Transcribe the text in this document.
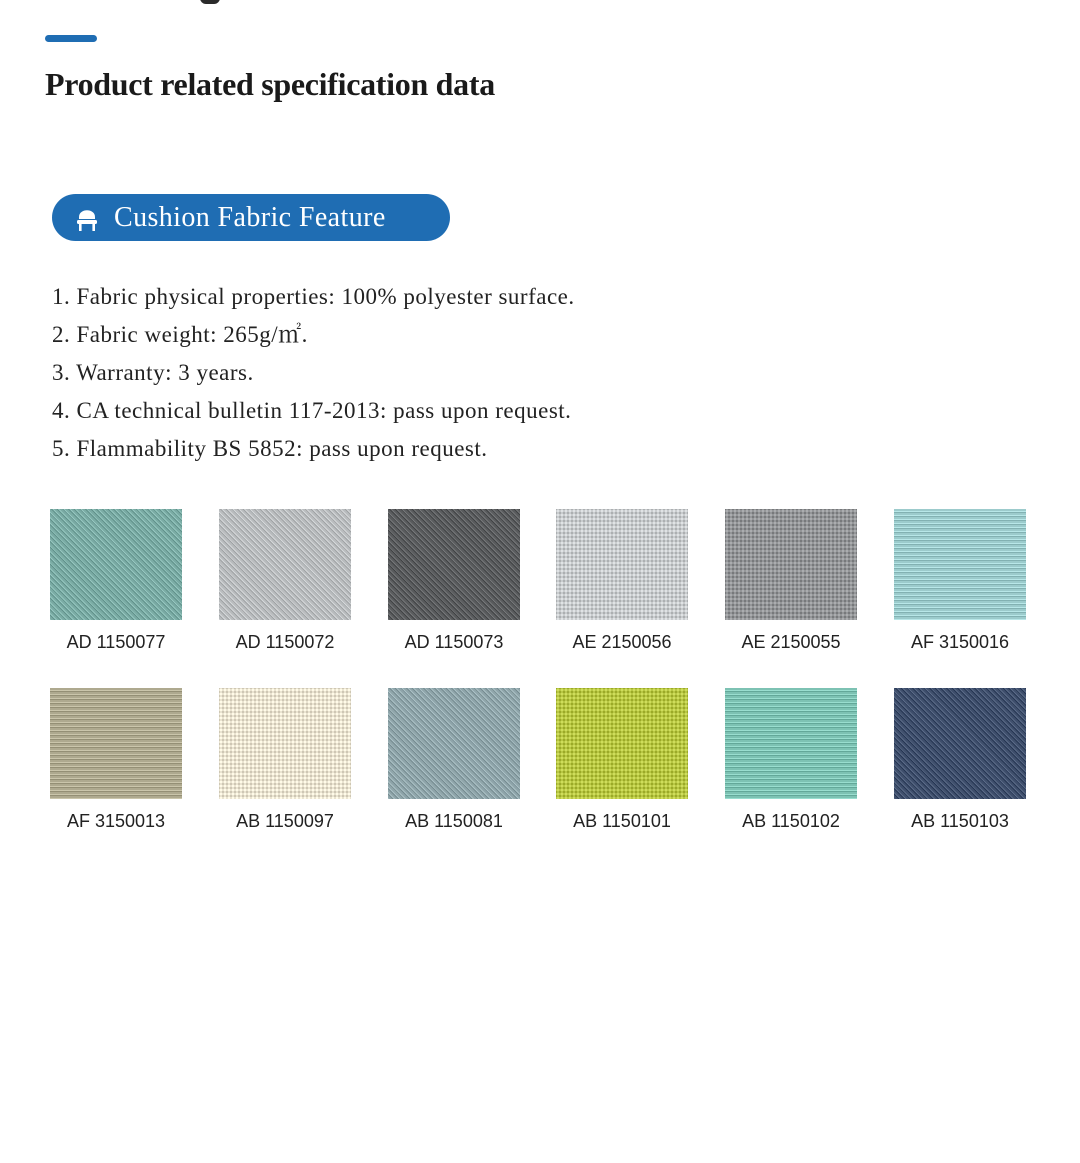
Product related specification data
Cushion Fabric Feature
1. Fabric physical properties: 100% polyester surface.
2. Fabric weight: 265g/㎡.
3. Warranty: 3 years.
4. CA technical bulletin 117-2013: pass upon request.
5. Flammability BS 5852: pass upon request.
AD 1150077	AD 1150072	AD 1150073	AE 2150056	AE 2150055	AF 3150016
AF 3150013	AB 1150097	AB 1150081	AB 1150101	AB 1150102	AB 1150103
